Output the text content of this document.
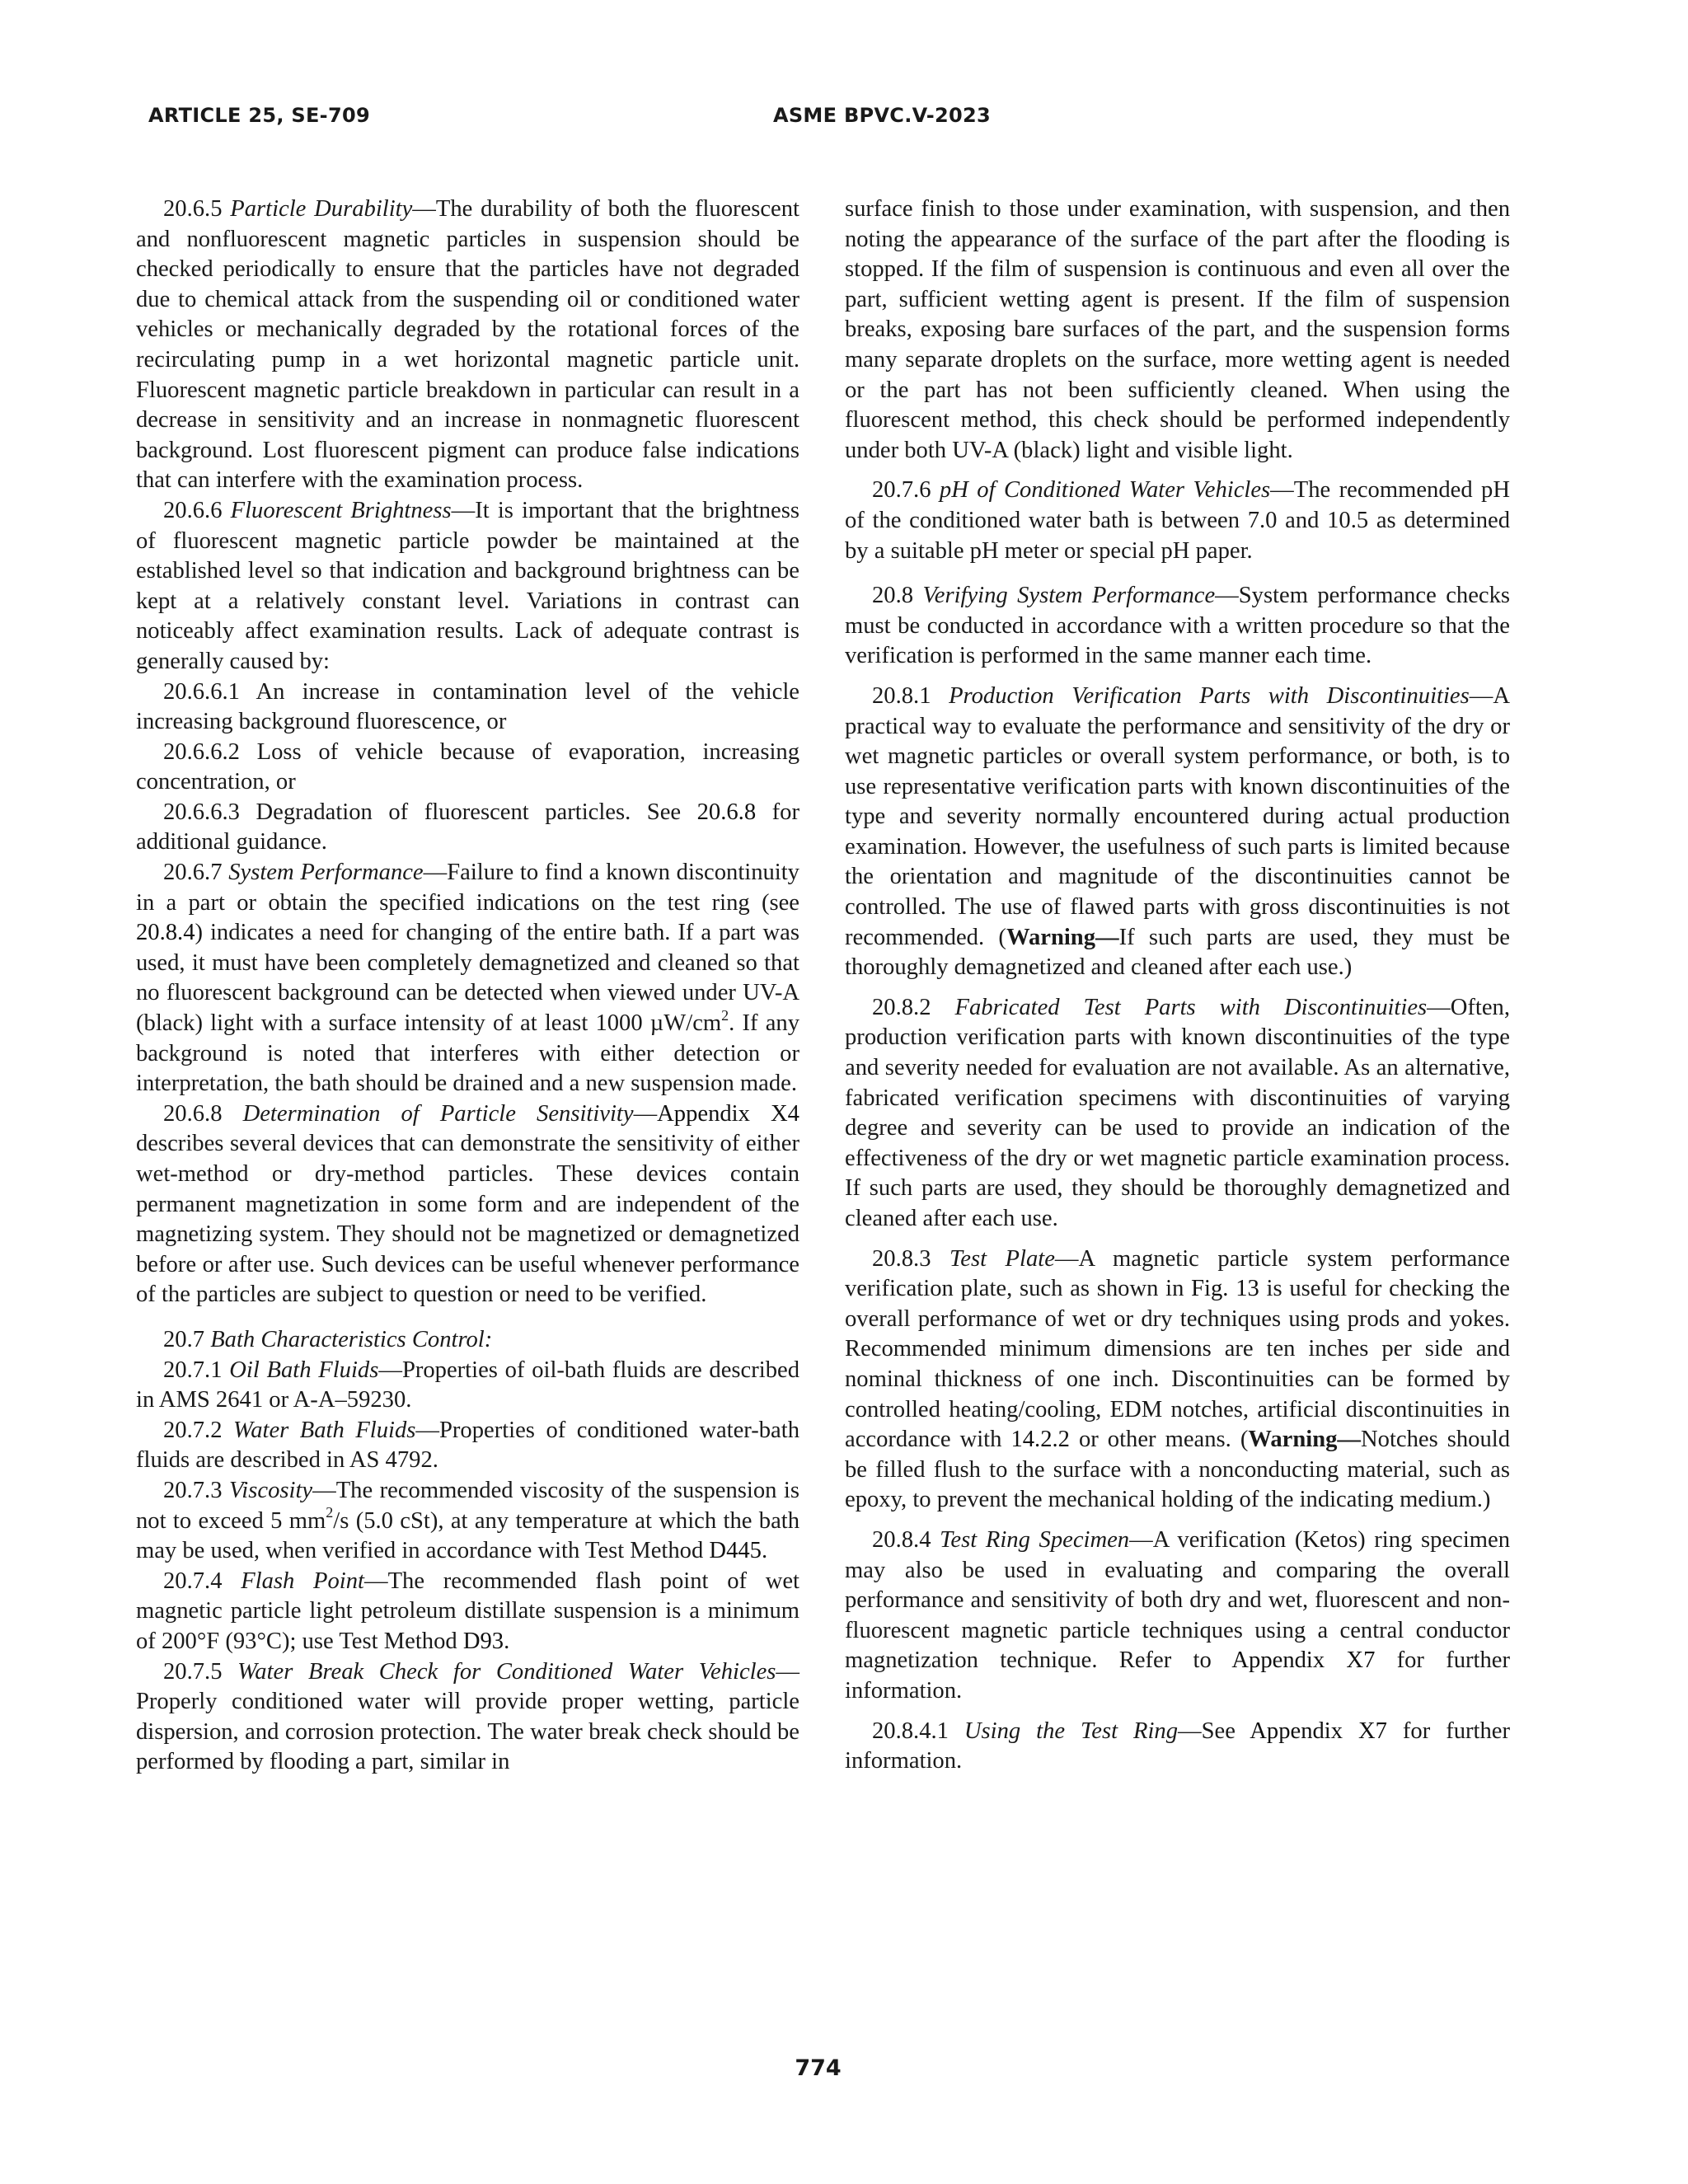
ARTICLE 25, SE-709	ASME BPVC.V-2023

20.6.5 Particle Durability—The durability of both the fluorescent and nonfluorescent magnetic particles in suspension should be checked periodically to ensure that the particles have not degraded due to chemical attack from the suspending oil or conditioned water vehicles or mechanically degraded by the rotational forces of the recirculating pump in a wet horizontal magnetic particle unit. Fluorescent magnetic particle breakdown in particular can result in a decrease in sensitivity and an increase in nonmagnetic fluorescent background. Lost fluorescent pigment can produce false indications that can interfere with the examination process.

20.6.6 Fluorescent Brightness—It is important that the brightness of fluorescent magnetic particle powder be maintained at the established level so that indication and background brightness can be kept at a relatively constant level. Variations in contrast can noticeably affect examination results. Lack of adequate contrast is generally caused by:

20.6.6.1 An increase in contamination level of the vehicle increasing background fluorescence, or

20.6.6.2 Loss of vehicle because of evaporation, increasing concentration, or

20.6.6.3 Degradation of fluorescent particles. See 20.6.8 for additional guidance.

20.6.7 System Performance—Failure to find a known discontinuity in a part or obtain the specified indications on the test ring (see 20.8.4) indicates a need for changing of the entire bath. If a part was used, it must have been completely demagnetized and cleaned so that no fluorescent background can be detected when viewed under UV-A (black) light with a surface intensity of at least 1000 $\mu W/cm^2$. If any background is noted that interferes with either detection or interpretation, the bath should be drained and a new suspension made.

20.6.8 Determination of Particle Sensitivity—Appendix X4 describes several devices that can demonstrate the sensitivity of either wet-method or dry-method particles. These devices contain permanent magnetization in some form and are independent of the magnetizing system. They should not be magnetized or demagnetized before or after use. Such devices can be useful whenever performance of the particles are subject to question or need to be verified.

20.7 Bath Characteristics Control:

20.7.1 Oil Bath Fluids—Properties of oil-bath fluids are described in AMS 2641 or A-A–59230.

20.7.2 Water Bath Fluids—Properties of conditioned water-bath fluids are described in AS 4792.

20.7.3 Viscosity—The recommended viscosity of the suspension is not to exceed 5 $mm^2/s$ (5.0 cSt), at any temperature at which the bath may be used, when verified in accordance with Test Method D445.

20.7.4 Flash Point—The recommended flash point of wet magnetic particle light petroleum distillate suspension is a minimum of 200°F (93°C); use Test Method D93.

20.7.5 Water Break Check for Conditioned Water Vehicles—Properly conditioned water will provide proper wetting, particle dispersion, and corrosion protection. The water break check should be performed by flooding a part, similar in

surface finish to those under examination, with suspension, and then noting the appearance of the surface of the part after the flooding is stopped. If the film of suspension is continuous and even all over the part, sufficient wetting agent is present. If the film of suspension breaks, exposing bare surfaces of the part, and the suspension forms many separate droplets on the surface, more wetting agent is needed or the part has not been sufficiently cleaned. When using the fluorescent method, this check should be performed independently under both UV-A (black) light and visible light.

20.7.6 pH of Conditioned Water Vehicles—The recommended pH of the conditioned water bath is between 7.0 and 10.5 as determined by a suitable pH meter or special pH paper.

20.8 Verifying System Performance—System performance checks must be conducted in accordance with a written procedure so that the verification is performed in the same manner each time.

20.8.1 Production Verification Parts with Discontinuities—A practical way to evaluate the performance and sensitivity of the dry or wet magnetic particles or overall system performance, or both, is to use representative verification parts with known discontinuities of the type and severity normally encountered during actual production examination. However, the usefulness of such parts is limited because the orientation and magnitude of the discontinuities cannot be controlled. The use of flawed parts with gross discontinuities is not recommended. (Warning—If such parts are used, they must be thoroughly demagnetized and cleaned after each use.)

20.8.2 Fabricated Test Parts with Discontinuities—Often, production verification parts with known discontinuities of the type and severity needed for evaluation are not available. As an alternative, fabricated verification specimens with discontinuities of varying degree and severity can be used to provide an indication of the effectiveness of the dry or wet magnetic particle examination process. If such parts are used, they should be thoroughly demagnetized and cleaned after each use.

20.8.3 Test Plate—A magnetic particle system performance verification plate, such as shown in Fig. 13 is useful for checking the overall performance of wet or dry techniques using prods and yokes. Recommended minimum dimensions are ten inches per side and nominal thickness of one inch. Discontinuities can be formed by controlled heating/cooling, EDM notches, artificial discontinuities in accordance with 14.2.2 or other means. (Warning—Notches should be filled flush to the surface with a nonconducting material, such as epoxy, to prevent the mechanical holding of the indicating medium.)

20.8.4 Test Ring Specimen—A verification (Ketos) ring specimen may also be used in evaluating and comparing the overall performance and sensitivity of both dry and wet, fluorescent and non-fluorescent magnetic particle techniques using a central conductor magnetization technique. Refer to Appendix X7 for further information.

20.8.4.1 Using the Test Ring—See Appendix X7 for further information.

774
